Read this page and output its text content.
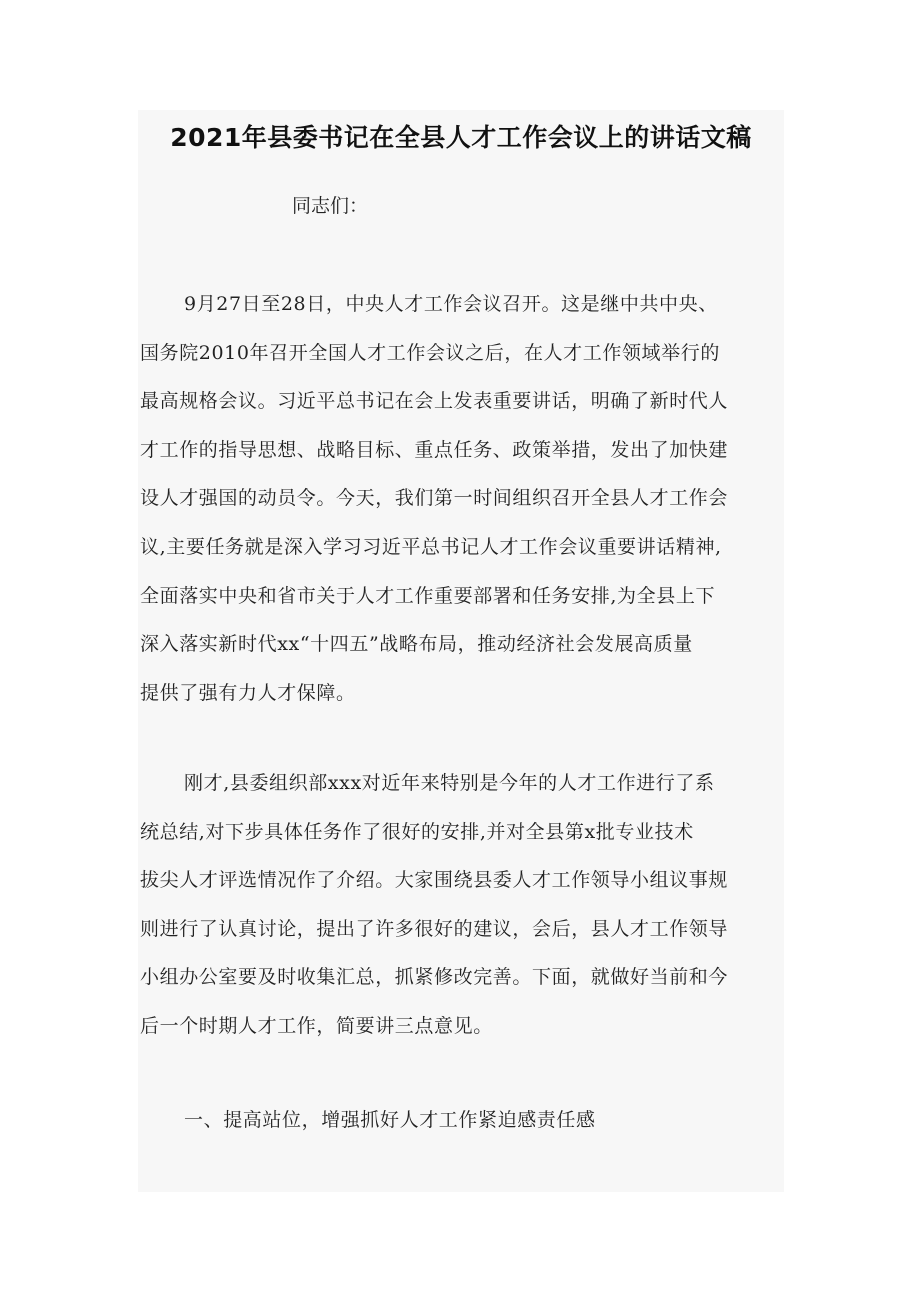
2021年县委书记在全县人才工作会议上的讲话文稿
同志们：
9月27日至28日，中央人才工作会议召开。这是继中共中央、
国务院2010年召开全国人才工作会议之后，在人才工作领域举行的
最高规格会议。习近平总书记在会上发表重要讲话，明确了新时代人
才工作的指导思想、战略目标、重点任务、政策举措，发出了加快建
设人才强国的动员令。今天，我们第一时间组织召开全县人才工作会
议,主要任务就是深入学习习近平总书记人才工作会议重要讲话精神,
全面落实中央和省市关于人才工作重要部署和任务安排,为全县上下
深入落实新时代xx“十四五”战略布局，推动经济社会发展高质量
提供了强有力人才保障。
刚才,县委组织部xxx对近年来特别是今年的人才工作进行了系
统总结,对下步具体任务作了很好的安排,并对全县第x批专业技术
拔尖人才评选情况作了介绍。大家围绕县委人才工作领导小组议事规
则进行了认真讨论，提出了许多很好的建议，会后，县人才工作领导
小组办公室要及时收集汇总，抓紧修改完善。下面，就做好当前和今
后一个时期人才工作，简要讲三点意见。
一、提高站位，增强抓好人才工作紧迫感责任感
